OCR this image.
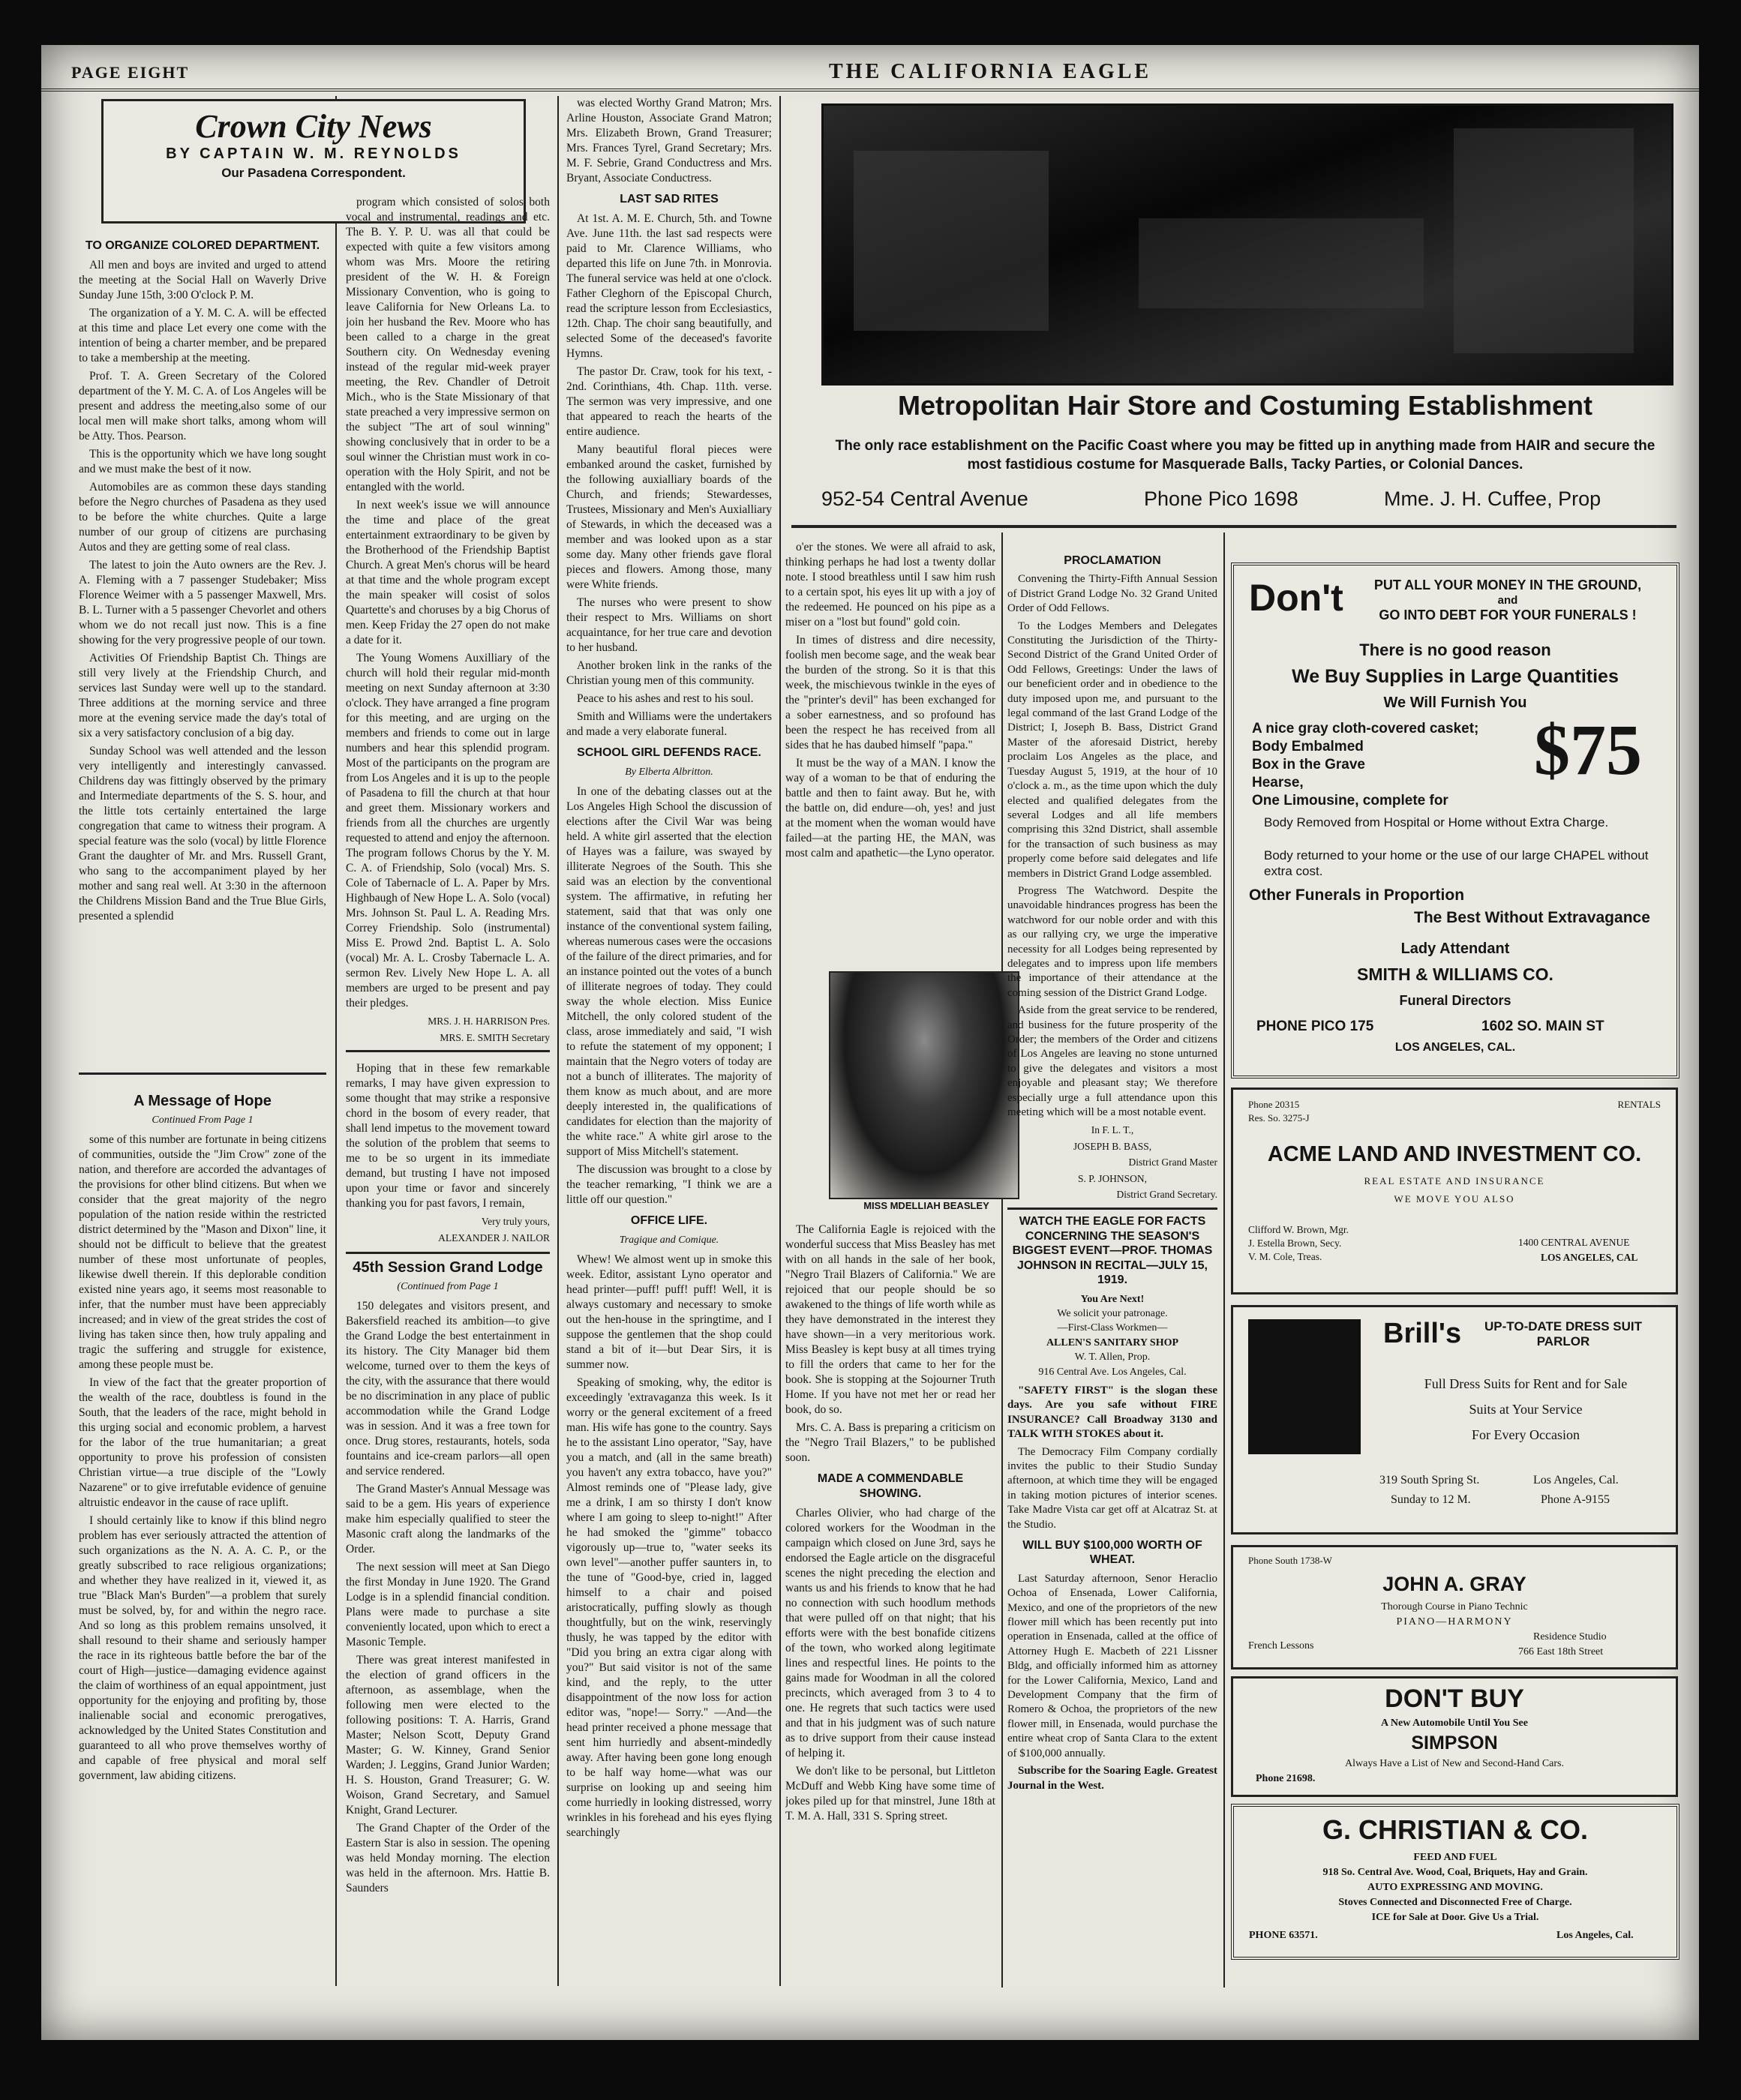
PAGE EIGHT	THE CALIFORNIA EAGLE
Crown City News
BY CAPTAIN W. M. REYNOLDS
Our Pasadena Correspondent.
TO ORGANIZE COLORED DEPARTMENT.

All men and boys are invited and urged to attend the meeting at the Social Hall on Waverly Drive Sunday June 15th, 3:00 O'clock P. M.

The organization of a Y. M. C. A. will be effected at this time and place Let every one come with the intention of being a charter member, and be prepared to take a membership at the meeting.

Prof. T. A. Green Secretary of the Colored department of the Y. M. C. A. of Los Angeles will be present and address the meeting,also some of our local men will make short talks, among whom will be Atty. Thos. Pearson.

This is the opportunity which we have long sought and we must make the best of it now.

Automobiles are as common these days standing before the Negro churches of Pasadena as they used to be before the white churches. Quite a large number of our group of citizens are purchasing Autos and they are getting some of real class.

The latest to join the Auto owners are the Rev. J. A. Fleming with a 7 passenger Studebaker; Miss Florence Weimer with a 5 passenger Maxwell, Mrs. B. L. Turner with a 5 passenger Chevorlet and others whom we do not recall just now. This is a fine showing for the very progressive people of our town.

Activities Of Friendship Baptist Ch. Things are still very lively at the Friendship Church, and services last Sunday were well up to the standard. Three additions at the morning service and three more at the evening service made the day's total of six a very satisfactory conclusion of a big day.

Sunday School was well attended and the lesson very intelligently and interestingly canvassed. Childrens day was fittingly observed by the primary and Intermediate departments of the S. S. hour, and the little tots certainly entertained the large congregation that came to witness their program. A special feature was the solo (vocal) by little Florence Grant the daughter of Mr. and Mrs. Russell Grant, who sang to the accompaniment played by her mother and sang real well. At 3:30 in the afternoon the Childrens Mission Band and the True Blue Girls, presented a splendid

A Message of Hope
Continued From Page 1

some of this number are fortunate in being citizens of communities, outside the "Jim Crow" zone of the nation, and therefore are accorded the advantages of the provisions for other blind citizens. But when we consider that the great majority of the negro population of the nation reside within the restricted district determined by the "Mason and Dixon" line, it should not be difficult to believe that the greatest number of these most unfortunate of peoples, likewise dwell therein. If this deplorable condition existed nine years ago, it seems most reasonable to infer, that the number must have been appreciably increased; and in view of the great strides the cost of living has taken since then, how truly appaling and tragic the suffering and struggle for existence, among these people must be.

In view of the fact that the greater proportion of the wealth of the race, doubtless is found in the South, that the leaders of the race, might behold in this urging social and economic problem, a harvest for the labor of the true humanitarian; a great opportunity to prove his profession of consisten Christian virtue—a true disciple of the "Lowly Nazarene" or to give irrefutable evidence of genuine altruistic endeavor in the cause of race uplift.

I should certainly like to know if this blind negro problem has ever seriously attracted the attention of such organizations as the N. A. A. C. P., or the greatly subscribed to race religious organizations; and whether they have realized in it, viewed it, as true "Black Man's Burden"—a problem that surely must be solved, by, for and within the negro race. And so long as this problem remains unsolved, it shall resound to their shame and seriously hamper the race in its righteous battle before the bar of the court of High—justice—damaging evidence against the claim of worthiness of an equal appointment, just opportunity for the enjoying and profiting by, those inalienable social and economic prerogatives, acknowledged by the United States Constitution and guaranteed to all who prove themselves worthy of and capable of free physical and moral self government, law abiding citizens.

program which consisted of solos both vocal and instrumental, readings and etc. The B. Y. P. U. was all that could be expected with quite a few visitors among whom was Mrs. Moore the retiring president of the W. H. & Foreign Missionary Convention, who is going to leave California for New Orleans La. to join her husband the Rev. Moore who has been called to a charge in the great Southern city. On Wednesday evening instead of the regular mid-week prayer meeting, the Rev. Chandler of Detroit Mich., who is the State Missionary of that state preached a very impressive sermon on the subject "The art of soul winning" showing conclusively that in order to be a soul winner the Christian must work in co-operation with the Holy Spirit, and not be entangled with the world.

In next week's issue we will announce the time and place of the great entertainment extraordinary to be given by the Brotherhood of the Friendship Baptist Church. A great Men's chorus will be heard at that time and the whole program except the main speaker will cosist of solos Quartette's and choruses by a big Chorus of men. Keep Friday the 27 open do not make a date for it.

The Young Womens Auxilliary of the church will hold their regular mid-month meeting on next Sunday afternoon at 3:30 o'clock. They have arranged a fine program for this meeting, and are urging on the members and friends to come out in large numbers and hear this splendid program. Most of the participants on the program are from Los Angeles and it is up to the people of Pasadena to fill the church at that hour and greet them. Missionary workers and friends from all the churches are urgently requested to attend and enjoy the afternoon. The program follows Chorus by the Y. M. C. A. of Friendship, Solo (vocal) Mrs. S. Cole of Tabernacle of L. A. Paper by Mrs. Highbaugh of New Hope L. A. Solo (vocal) Mrs. Johnson St. Paul L. A. Reading Mrs. Correy Friendship. Solo (instrumental) Miss E. Prowd 2nd. Baptist L. A. Solo (vocal) Mr. A. L. Crosby Tabernacle L. A. sermon Rev. Lively New Hope L. A. all members are urged to be present and pay their pledges.

MRS. J. H. HARRISON Pres.

MRS. E. SMITH Secretary

Hoping that in these few remarkable remarks, I may have given expression to some thought that may strike a responsive chord in the bosom of every reader, that shall lend impetus to the movement toward the solution of the problem that seems to me to be so urgent in its immediate demand, but trusting I have not imposed upon your time or favor and sincerely thanking you for past favors, I remain,

Very truly yours,

ALEXANDER J. NAILOR

45th Session Grand Lodge
(Continued from Page 1

150 delegates and visitors present, and Bakersfield reached its ambition—to give the Grand Lodge the best entertainment in its history. The City Manager bid them welcome, turned over to them the keys of the city, with the assurance that there would be no discrimination in any place of public accommodation while the Grand Lodge was in session. And it was a free town for once. Drug stores, restaurants, hotels, soda fountains and ice-cream parlors—all open and service rendered.

The Grand Master's Annual Message was said to be a gem. His years of experience make him especially qualified to steer the Masonic craft along the landmarks of the Order.

The next session will meet at San Diego the first Monday in June 1920. The Grand Lodge is in a splendid financial condition. Plans were made to purchase a site conveniently located, upon which to erect a Masonic Temple.

There was great interest manifested in the election of grand officers in the afternoon, as assemblage, when the following men were elected to the following positions: T. A. Harris, Grand Master; Nelson Scott, Deputy Grand Master; G. W. Kinney, Grand Senior Warden; J. Leggins, Grand Junior Warden; H. S. Houston, Grand Treasurer; G. W. Woison, Grand Secretary, and Samuel Knight, Grand Lecturer.

The Grand Chapter of the Order of the Eastern Star is also in session. The opening was held Monday morning. The election was held in the afternoon. Mrs. Hattie B. Saunders

was elected Worthy Grand Matron; Mrs. Arline Houston, Associate Grand Matron; Mrs. Elizabeth Brown, Grand Treasurer; Mrs. Frances Tyrel, Grand Secretary; Mrs. M. F. Sebrie, Grand Conductress and Mrs. Bryant, Associate Conductress.

LAST SAD RITES

At 1st. A. M. E. Church, 5th. and Towne Ave. June 11th. the last sad respects were paid to Mr. Clarence Williams, who departed this life on June 7th. in Monrovia. The funeral service was held at one o'clock. Father Cleghorn of the Episcopal Church, read the scripture lesson from Ecclesiastics, 12th. Chap. The choir sang beautifully, and selected Some of the deceased's favorite Hymns.

The pastor Dr. Craw, took for his text, - 2nd. Corinthians, 4th. Chap. 11th. verse. The sermon was very impressive, and one that appeared to reach the hearts of the entire audience.

Many beautiful floral pieces were embanked around the casket, furnished by the following auxialliary boards of the Church, and friends; Stewardesses, Trustees, Missionary and Men's Auxialliary of Stewards, in which the deceased was a member and was looked upon as a star some day. Many other friends gave floral pieces and flowers. Among those, many were White friends.

The nurses who were present to show their respect to Mrs. Williams on short acquaintance, for her true care and devotion to her husband.

Another broken link in the ranks of the Christian young men of this community.

Peace to his ashes and rest to his soul.

Smith and Williams were the undertakers and made a very elaborate funeral.

SCHOOL GIRL DEFENDS RACE.
By Elberta Albritton.

In one of the debating classes out at the Los Angeles High School the discussion of elections after the Civil War was being held. A white girl asserted that the election of Hayes was a failure, was swayed by illiterate Negroes of the South. This she said was an election by the conventional system. The affirmative, in refuting her statement, said that that was only one instance of the conventional system failing, whereas numerous cases were the occasions of the failure of the direct primaries, and for an instance pointed out the votes of a bunch of illiterate negroes of today. They could sway the whole election. Miss Eunice Mitchell, the only colored student of the class, arose immediately and said, "I wish to refute the statement of my opponent; I maintain that the Negro voters of today are not a bunch of illiterates. The majority of them know as much about, and are more deeply interested in, the qualifications of candidates for election than the majority of the white race." A white girl arose to the support of Miss Mitchell's statement.

The discussion was brought to a close by the teacher remarking, "I think we are a little off our question."

OFFICE LIFE.
Tragique and Comique.

Whew! We almost went up in smoke this week. Editor, assistant Lyno operator and head printer—puff! puff! puff! Well, it is always customary and necessary to smoke out the hen-house in the springtime, and I suppose the gentlemen that the shop could stand a bit of it—but Dear Sirs, it is summer now.

Speaking of smoking, why, the editor is exceedingly 'extravaganza this week. Is it worry or the general excitement of a freed man. His wife has gone to the country. Says he to the assistant Lino operator, "Say, have you a match, and (all in the same breath) you haven't any extra tobacco, have you?" Almost reminds one of "Please lady, give me a drink, I am so thirsty I don't know where I am going to sleep to-night!" After he had smoked the "gimme" tobacco vigorously up—true to, "water seeks its own level"—another puffer saunters in, to the tune of "Good-bye, cried in, lagged himself to a chair and poised aristocratically, puffing slowly as though thoughtfully, but on the wink, reservingly thusly, he was tapped by the editor with "Did you bring an extra cigar along with you?" But said visitor is not of the same kind, and the reply, to the utter disappointment of the now loss for action editor was, "nope!— Sorry." —And—the head printer received a phone message that sent him hurriedly and absent-mindedly away. After having been gone long enough to be half way home—what was our surprise on looking up and seeing him come hurriedly in looking distressed, worry wrinkles in his forehead and his eyes flying searchingly

Metropolitan Hair Store and Costuming Establishment
The only race establishment on the Pacific Coast where you may be fitted up in anything made from HAIR and secure the most fastidious costume for Masquerade Balls, Tacky Parties, or Colonial Dances.
952-54 Central Avenue	Phone Pico 1698	Mme. J. H. Cuffee, Prop

o'er the stones. We were all afraid to ask, thinking perhaps he had lost a twenty dollar note. I stood breathless until I saw him rush to a certain spot, his eyes lit up with a joy of the redeemed. He pounced on his pipe as a miser on a "lost but found" gold coin.

In times of distress and dire necessity, foolish men become sage, and the weak bear the burden of the strong. So it is that this week, the mischievous twinkle in the eyes of the "printer's devil" has been exchanged for a sober earnestness, and so profound has been the respect he has received from all sides that he has daubed himself "papa."

It must be the way of a MAN. I know the way of a woman to be that of enduring the battle and then to faint away. But he, with the battle on, did endure—oh, yes! and just at the moment when the woman would have failed—at the parting HE, the MAN, was most calm and apathetic—the Lyno operator.

MISS MDELLIAH BEASLEY

The California Eagle is rejoiced with the wonderful success that Miss Beasley has met with on all hands in the sale of her book, "Negro Trail Blazers of California." We are rejoiced that our people should be so awakened to the things of life worth while as they have demonstrated in the interest they have shown—in a very meritorious work. Miss Beasley is kept busy at all times trying to fill the orders that came to her for the book. She is stopping at the Sojourner Truth Home. If you have not met her or read her book, do so.

Mrs. C. A. Bass is preparing a criticism on the "Negro Trail Blazers," to be published soon.

MADE A COMMENDABLE SHOWING.

Charles Olivier, who had charge of the colored workers for the Woodman in the campaign which closed on June 3rd, says he endorsed the Eagle article on the disgraceful scenes the night preceding the election and wants us and his friends to know that he had no connection with such hoodlum methods that were pulled off on that night; that his efforts were with the best bonafide citizens of the town, who worked along legitimate lines and respectful lines. He points to the gains made for Woodman in all the colored precincts, which averaged from 3 to 4 to one. He regrets that such tactics were used and that in his judgment was of such nature as to drive support from their cause instead of helping it.

We don't like to be personal, but Littleton McDuff and Webb King have some time of jokes piled up for that minstrel, June 18th at T. M. A. Hall, 331 S. Spring street.

PROCLAMATION

Convening the Thirty-Fifth Annual Session of District Grand Lodge No. 32 Grand United Order of Odd Fellows.

To the Lodges Members and Delegates Constituting the Jurisdiction of the Thirty-Second District of the Grand United Order of Odd Fellows, Greetings: Under the laws of our beneficient order and in obedience to the duty imposed upon me, and pursuant to the legal command of the last Grand Lodge of the District; I, Joseph B. Bass, District Grand Master of the aforesaid District, hereby proclaim Los Angeles as the place, and Tuesday August 5, 1919, at the hour of 10 o'clock a. m., as the time upon which the duly elected and qualified delegates from the several Lodges and all life members comprising this 32nd District, shall assemble for the transaction of such business as may properly come before said delegates and life members in District Grand Lodge assembled.

Progress The Watchword. Despite the unavoidable hindrances progress has been the watchword for our noble order and with this as our rallying cry, we urge the imperative necessity for all Lodges being represented by delegates and to impress upon life members the importance of their attendance at the coming session of the District Grand Lodge.

Aside from the great service to be rendered, and business for the future prosperity of the Order; the members of the Order and citizens of Los Angeles are leaving no stone unturned to give the delegates and visitors a most enjoyable and pleasant stay; We therefore especially urge a full attendance upon this meeting which will be a most notable event.

In F. L. T.,

JOSEPH B. BASS,

District Grand Master

S. P. JOHNSON,

District Grand Secretary.

WATCH THE EAGLE FOR FACTS CONCERNING THE SEASON'S BIGGEST EVENT—PROF. THOMAS JOHNSON IN RECITAL—JULY 15, 1919.
You Are Next!
We solicit your patronage.
—First-Class Workmen—
ALLEN'S SANITARY SHOP
W. T. Allen, Prop.
916 Central Ave. Los Angeles, Cal.

"SAFETY FIRST" is the slogan these days. Are you safe without FIRE INSURANCE? Call Broadway 3130 and TALK WITH STOKES about it.

The Democracy Film Company cordially invites the public to their Studio Sunday afternoon, at which time they will be engaged in taking motion pictures of interior scenes. Take Madre Vista car get off at Alcatraz St. at the Studio.

WILL BUY $100,000 WORTH OF WHEAT.

Last Saturday afternoon, Senor Heraclio Ochoa of Ensenada, Lower California, Mexico, and one of the proprietors of the new flower mill which has been recently put into operation in Ensenada, called at the office of Attorney Hugh E. Macbeth of 221 Lissner Bldg, and officially informed him as attorney for the Lower California, Mexico, Land and Development Company that the firm of Romero & Ochoa, the proprietors of the new flower mill, in Ensenada, would purchase the entire wheat crop of Santa Clara to the extent of $100,000 annually.

Subscribe for the Soaring Eagle. Greatest Journal in the West.

Don't	PUT ALL YOUR MONEY IN THE GROUND,
and
GO INTO DEBT FOR YOUR FUNERALS !
There is no good reason
We Buy Supplies in Large Quantities
We Will Furnish You
A nice gray cloth-covered casket;
Body Embalmed
Box in the Grave
Hearse,
One Limousine, complete for
$75
Body Removed from Hospital or Home without Extra Charge.
Body returned to your home or the use of our large CHAPEL without extra cost.
Other Funerals in Proportion
The Best Without Extravagance
Lady Attendant
SMITH & WILLIAMS CO.
Funeral Directors
PHONE PICO 175	1602 SO. MAIN ST
LOS ANGELES, CAL.
Phone 20315
Res. So. 3275-J
RENTALS
ACME LAND AND INVESTMENT CO.
REAL ESTATE AND INSURANCE
WE MOVE YOU ALSO
Clifford W. Brown, Mgr.
J. Estella Brown, Secy.
V. M. Cole, Treas.
1400 CENTRAL AVENUE
LOS ANGELES, CAL
Brill's	UP-TO-DATE DRESS SUIT PARLOR
Full Dress Suits for Rent and for Sale
Suits at Your Service
For Every Occasion
319 South Spring St.	Los Angeles, Cal.
Sunday to 12 M.	Phone A-9155
Phone South 1738-W
JOHN A. GRAY
Thorough Course in Piano Technic
PIANO—HARMONY
French Lessons
Residence Studio
766 East 18th Street
DON'T BUY
A New Automobile Until You See
SIMPSON
Always Have a List of New and Second-Hand Cars.
Phone 21698.
G. CHRISTIAN & CO.
FEED AND FUEL
918 So. Central Ave. Wood, Coal, Briquets, Hay and Grain.
AUTO EXPRESSING AND MOVING.
Stoves Connected and Disconnected Free of Charge.
ICE for Sale at Door. Give Us a Trial.
PHONE 63571.	Los Angeles, Cal.
